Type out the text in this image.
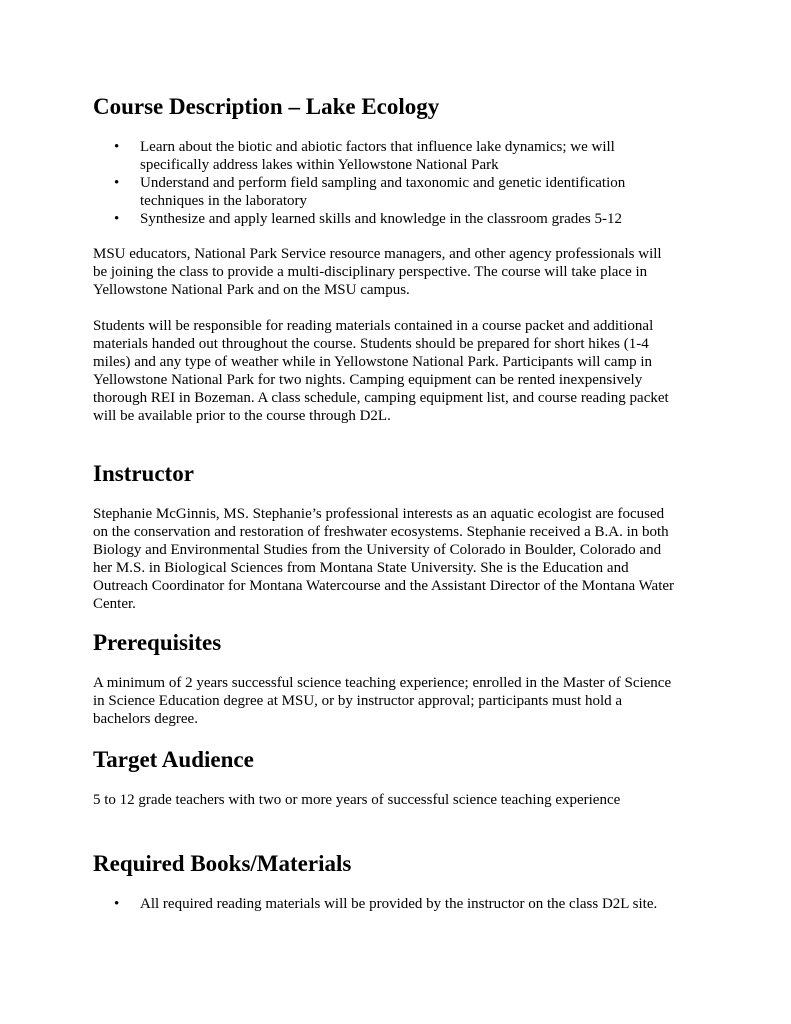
Course Description – Lake Ecology
• Learn about the biotic and abiotic factors that influence lake dynamics; we will
specifically address lakes within Yellowstone National Park
• Understand and perform field sampling and taxonomic and genetic identification
techniques in the laboratory
• Synthesize and apply learned skills and knowledge in the classroom grades 5-12

MSU educators, National Park Service resource managers, and other agency professionals will
be joining the class to provide a multi-disciplinary perspective. The course will take place in
Yellowstone National Park and on the MSU campus.

Students will be responsible for reading materials contained in a course packet and additional
materials handed out throughout the course. Students should be prepared for short hikes (1-4
miles) and any type of weather while in Yellowstone National Park. Participants will camp in
Yellowstone National Park for two nights. Camping equipment can be rented inexpensively
thorough REI in Bozeman. A class schedule, camping equipment list, and course reading packet
will be available prior to the course through D2L.

Instructor

Stephanie McGinnis, MS. Stephanie’s professional interests as an aquatic ecologist are focused
on the conservation and restoration of freshwater ecosystems. Stephanie received a B.A. in both
Biology and Environmental Studies from the University of Colorado in Boulder, Colorado and
her M.S. in Biological Sciences from Montana State University. She is the Education and
Outreach Coordinator for Montana Watercourse and the Assistant Director of the Montana Water
Center.

Prerequisites

A minimum of 2 years successful science teaching experience; enrolled in the Master of Science
in Science Education degree at MSU, or by instructor approval; participants must hold a
bachelors degree.

Target Audience

5 to 12 grade teachers with two or more years of successful science teaching experience

Required Books/Materials
• All required reading materials will be provided by the instructor on the class D2L site.
